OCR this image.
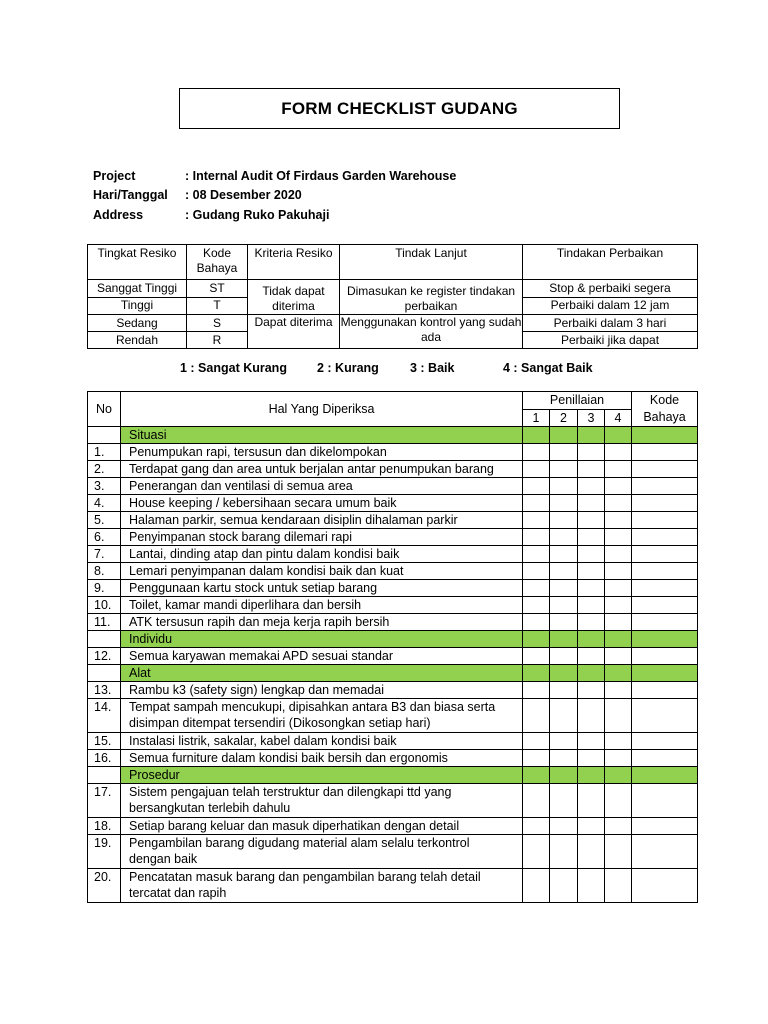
FORM CHECKLIST GUDANG
Project	: Internal Audit Of Firdaus Garden Warehouse
Hari/Tanggal	: 08 Desember 2020
Address	: Gudang Ruko Pakuhaji
Tingkat Resiko	Kode Bahaya	Kriteria Resiko	Tindak Lanjut	Tindakan Perbaikan
Sanggat Tinggi	ST	Tidak dapat diterima	Dimasukan ke register tindakan perbaikan	Stop & perbaiki segera
Tinggi	T			Perbaiki dalam 12 jam
Sedang	S	Dapat diterima	Menggunakan kontrol yang sudah ada	Perbaiki dalam 3 hari
Rendah	R			Perbaiki jika dapat
1 : Sangat Kurang 2 : Kurang 3 : Baik	4 : Sangat Baik
No	Hal Yang Diperiksa	Penillaian				Kode Bahaya
		1	2	3	4	
	Situasi					
1.	Penumpukan rapi, tersusun dan dikelompokan					

2.	Terdapat gang dan area untuk berjalan antar penumpukan barang					

3.	Penerangan dan ventilasi di semua area					

4.	House keeping / kebersihaan secara umum baik					

5.	Halaman parkir, semua kendaraan disiplin dihalaman parkir					

6.	Penyimpanan stock barang dilemari rapi					

7.	Lantai, dinding atap dan pintu dalam kondisi baik					

8.	Lemari penyimpanan dalam kondisi baik dan kuat					

9.	Penggunaan kartu stock untuk setiap barang					

10.	Toilet, kamar mandi diperlihara dan bersih					

11.	ATK tersusun rapih dan meja kerja rapih bersih					

	Individu					
12.	Semua karyawan memakai APD sesuai standar					

	Alat					
13.	Rambu k3 (safety sign) lengkap dan memadai					

14.	Tempat sampah mencukupi, dipisahkan antara B3 dan biasa serta
disimpan ditempat tersendiri (Dikosongkan setiap hari)					

15.	Instalasi listrik, sakalar, kabel dalam kondisi baik					

16.	Semua furniture dalam kondisi baik bersih dan ergonomis					

	Prosedur					
17.	Sistem pengajuan telah terstruktur dan dilengkapi ttd yang
bersangkutan terlebih dahulu					

18.	Setiap barang keluar dan masuk diperhatikan dengan detail					

19.	Pengambilan barang digudang material alam selalu terkontrol
dengan baik					

20.	Pencatatan masuk barang dan pengambilan barang telah detail
tercatat dan rapih					
